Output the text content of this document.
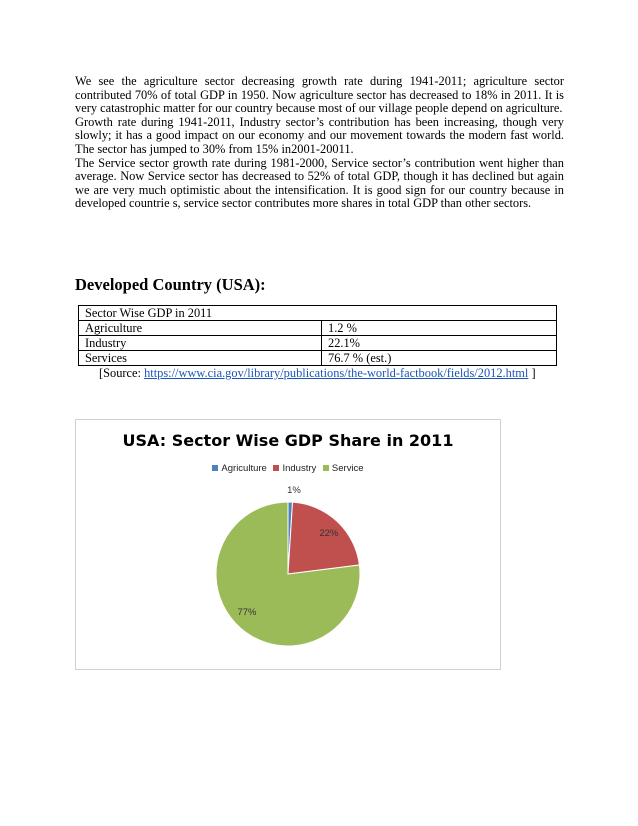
We see the agriculture sector decreasing growth rate during 1941-2011; agriculture sector contributed 70% of total GDP in 1950. Now agriculture sector has decreased to 18% in 2011. It is very catastrophic matter for our country because most of our village people depend on agriculture.

Growth rate during 1941-2011, Industry sector’s contribution has been increasing, though very slowly; it has a good impact on our economy and our movement towards the modern fast world. The sector has jumped to 30% from 15% in2001-20011.

The Service sector growth rate during 1981-2000, Service sector’s contribution went higher than average. Now Service sector has decreased to 52% of total GDP, though it has declined but again we are very much optimistic about the intensification. It is good sign for our country because in developed countrie s, service sector contributes more shares in total GDP than other sectors.

Developed Country (USA):
Sector Wise GDP in 2011	
Agriculture	1.2 %
Industry	22.1%
Services	76.7 % (est.)
[Source: https://www.cia.gov/library/publications/the-world-factbook/fields/2012.html ]
USA: Sector Wise GDP Share in 2011
Agriculture Industry Service
1%
22%
77%
